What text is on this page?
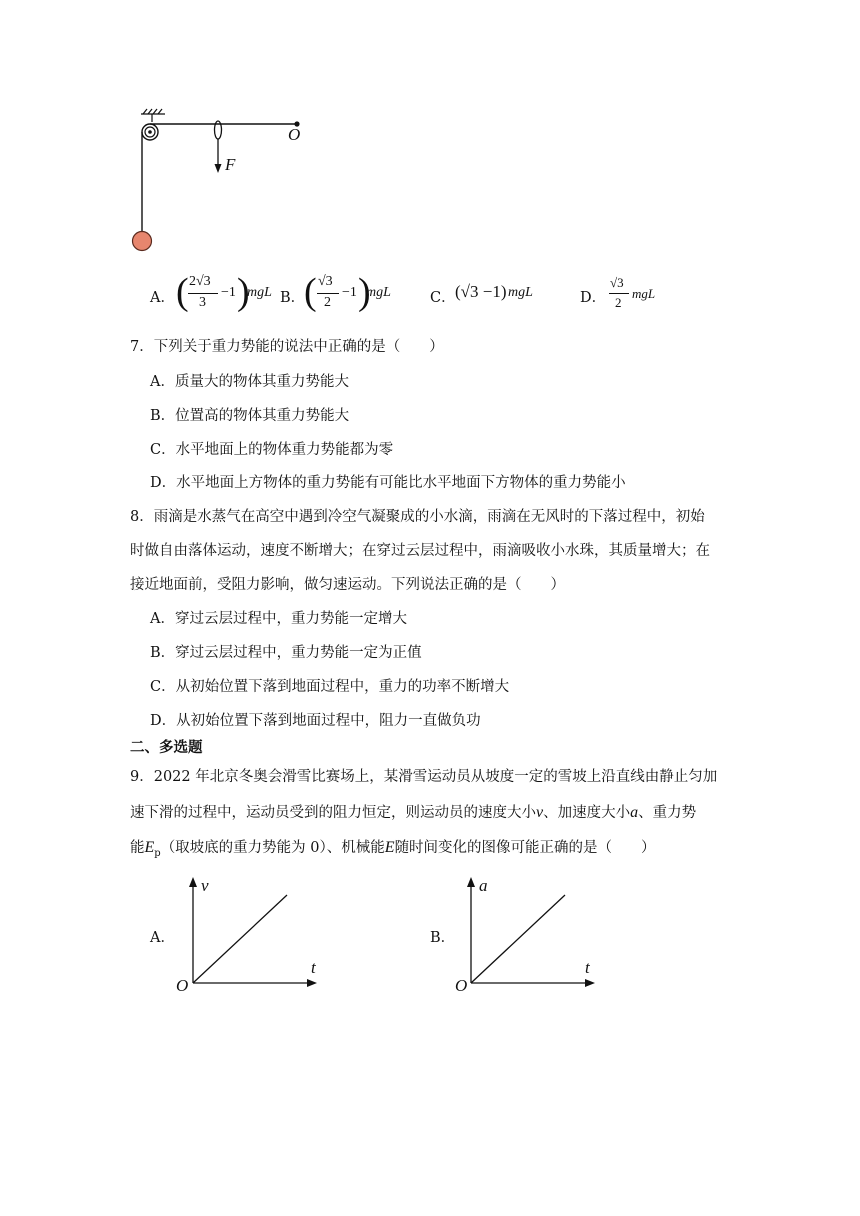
O
F
A． ( 2√3
3
−1 )
mgL B．
( √3
2
−1 )
mgL	C． (√3 −1) mgL	D．
√3
2
mgL
7．下列关于重力势能的说法中正确的是（　　）
A．质量大的物体其重力势能大
B．位置高的物体其重力势能大
C．水平地面上的物体重力势能都为零
D．水平地面上方物体的重力势能有可能比水平地面下方物体的重力势能小
8．雨滴是水蒸气在高空中遇到冷空气凝聚成的小水滴，雨滴在无风时的下落过程中，初始
时做自由落体运动，速度不断增大；在穿过云层过程中，雨滴吸收小水珠，其质量增大；在
接近地面前，受阻力影响，做匀速运动。下列说法正确的是（　　）
A．穿过云层过程中，重力势能一定增大
B．穿过云层过程中，重力势能一定为正值
C．从初始位置下落到地面过程中，重力的功率不断增大
D．从初始位置下落到地面过程中，阻力一直做负功
二、多选题
9．2022 年北京冬奥会滑雪比赛场上，某滑雪运动员从坡度一定的雪坡上沿直线由静止匀加
速下滑的过程中，运动员受到的阻力恒定，则运动员的速度大小v、加速度大小a、重力势
能$E_p$（取坡底的重力势能为 0）、机械能E随时间变化的图像可能正确的是（　　）
A．
v
t
O
B．
a
t
O
